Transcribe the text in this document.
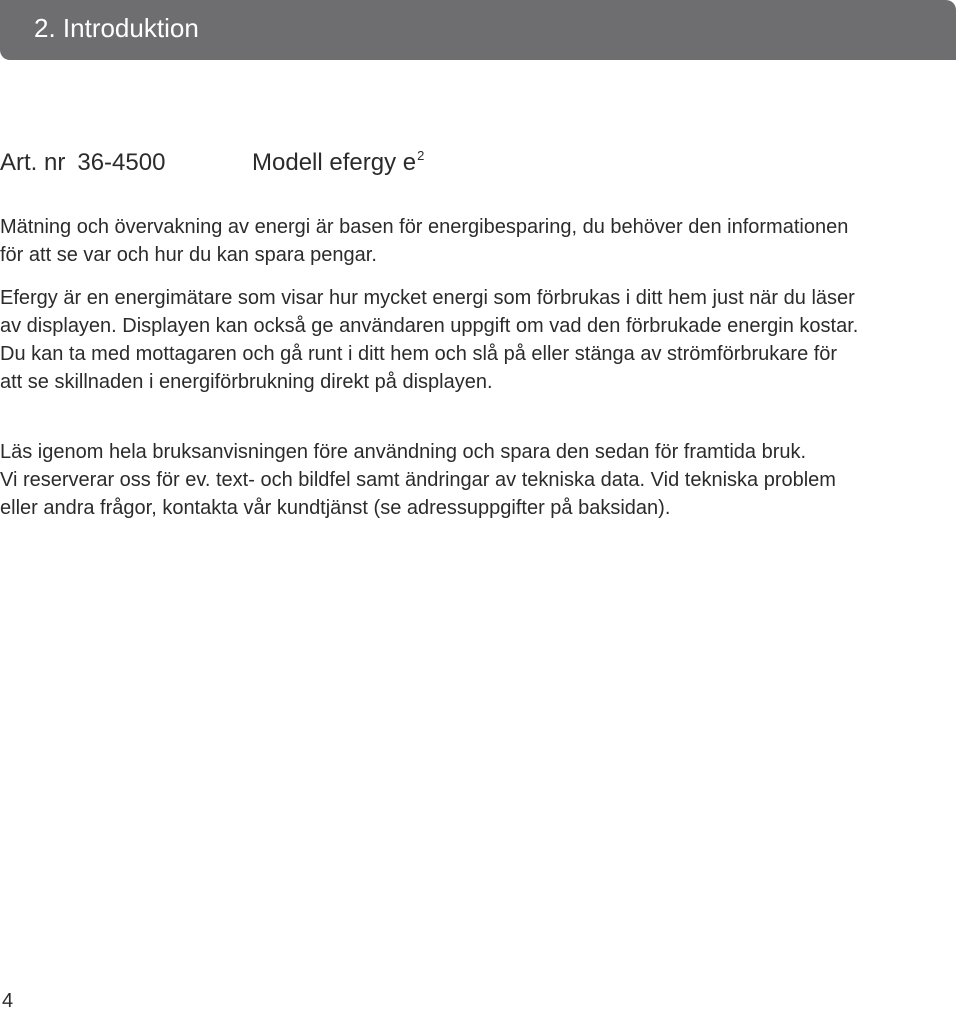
2. Introduktion
Art. nr 36-4500	Modell efergy $e^2$

Mätning och övervakning av energi är basen för energibesparing, du behöver den informationen
för att se var och hur du kan spara pengar.

Efergy är en energimätare som visar hur mycket energi som förbrukas i ditt hem just när du läser
av displayen. Displayen kan också ge användaren uppgift om vad den förbrukade energin kostar.
Du kan ta med mottagaren och gå runt i ditt hem och slå på eller stänga av strömförbrukare för
att se skillnaden i energiförbrukning direkt på displayen.

Läs igenom hela bruksanvisningen före användning och spara den sedan för framtida bruk.
Vi reserverar oss för ev. text- och bildfel samt ändringar av tekniska data. Vid tekniska problem
eller andra frågor, kontakta vår kundtjänst (se adressuppgifter på baksidan).

4
